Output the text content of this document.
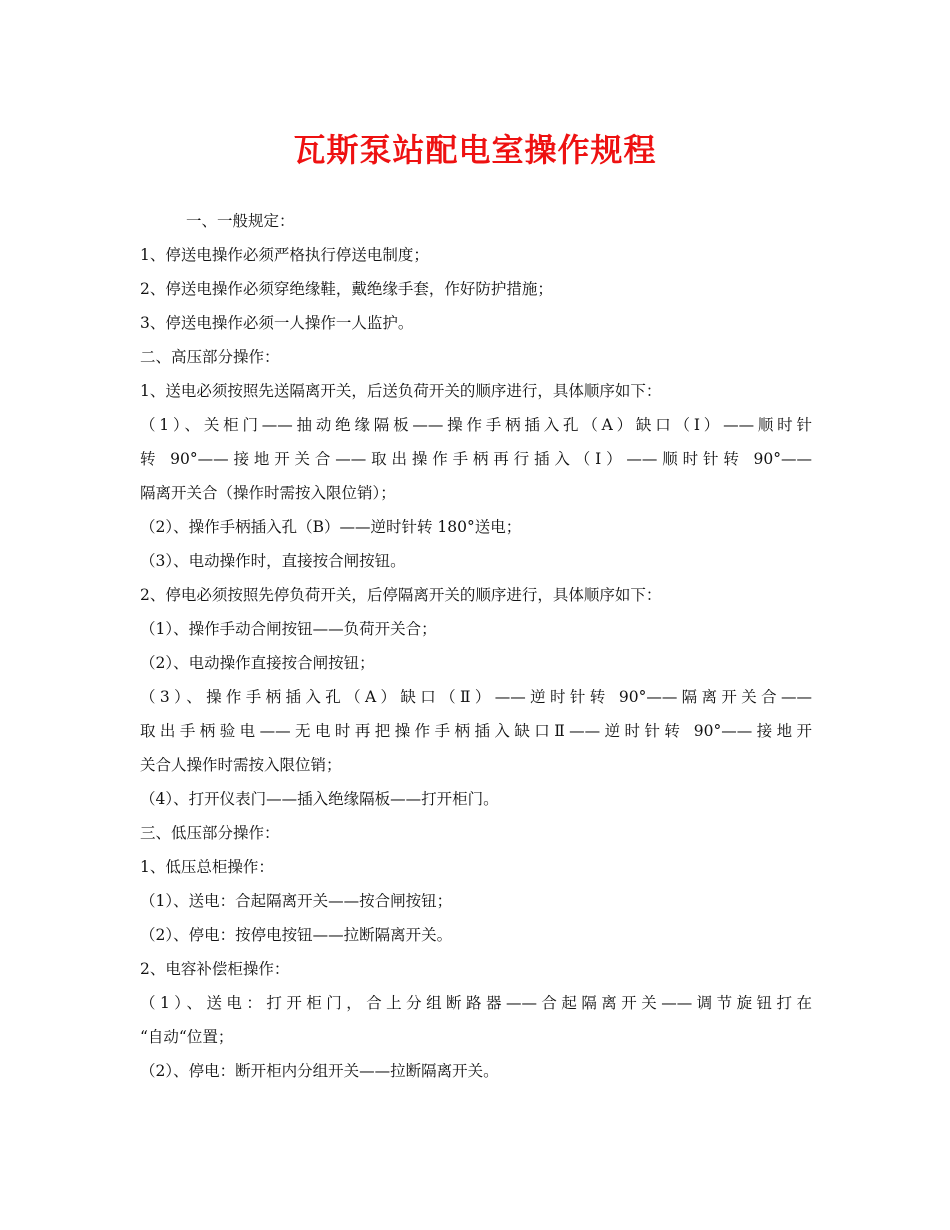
瓦斯泵站配电室操作规程
一、一般规定：
1、停送电操作必须严格执行停送电制度；
2、停送电操作必须穿绝缘鞋，戴绝缘手套，作好防护措施；
3、停送电操作必须一人操作一人监护。
二、高压部分操作：
1、送电必须按照先送隔离开关，后送负荷开关的顺序进行，具体顺序如下：
（1）、关柜门——抽动绝缘隔板——操作手柄插入孔（A）缺口（Ⅰ）——顺时针
转 90°——接地开关合——取出操作手柄再行插入（Ⅰ）——顺时针转 90°——
隔离开关合（操作时需按入限位销）；
（2）、操作手柄插入孔（B）——逆时针转 180°送电；
（3）、电动操作时，直接按合闸按钮。
2、停电必须按照先停负荷开关，后停隔离开关的顺序进行，具体顺序如下：
（1）、操作手动合闸按钮——负荷开关合；
（2）、电动操作直接按合闸按钮；
（3）、操作手柄插入孔（A）缺口（Ⅱ）——逆时针转 90°——隔离开关合——
取出手柄验电——无电时再把操作手柄插入缺口Ⅱ——逆时针转 90°——接地开
关合人操作时需按入限位销；
（4）、打开仪表门——插入绝缘隔板——打开柜门。
三、低压部分操作：
1、低压总柜操作：
（1）、送电：合起隔离开关——按合闸按钮；
（2）、停电：按停电按钮——拉断隔离开关。
2、电容补偿柜操作：
（1）、送电：打开柜门，合上分组断路器——合起隔离开关——调节旋钮打在
“自动“位置；
（2）、停电：断开柜内分组开关——拉断隔离开关。
